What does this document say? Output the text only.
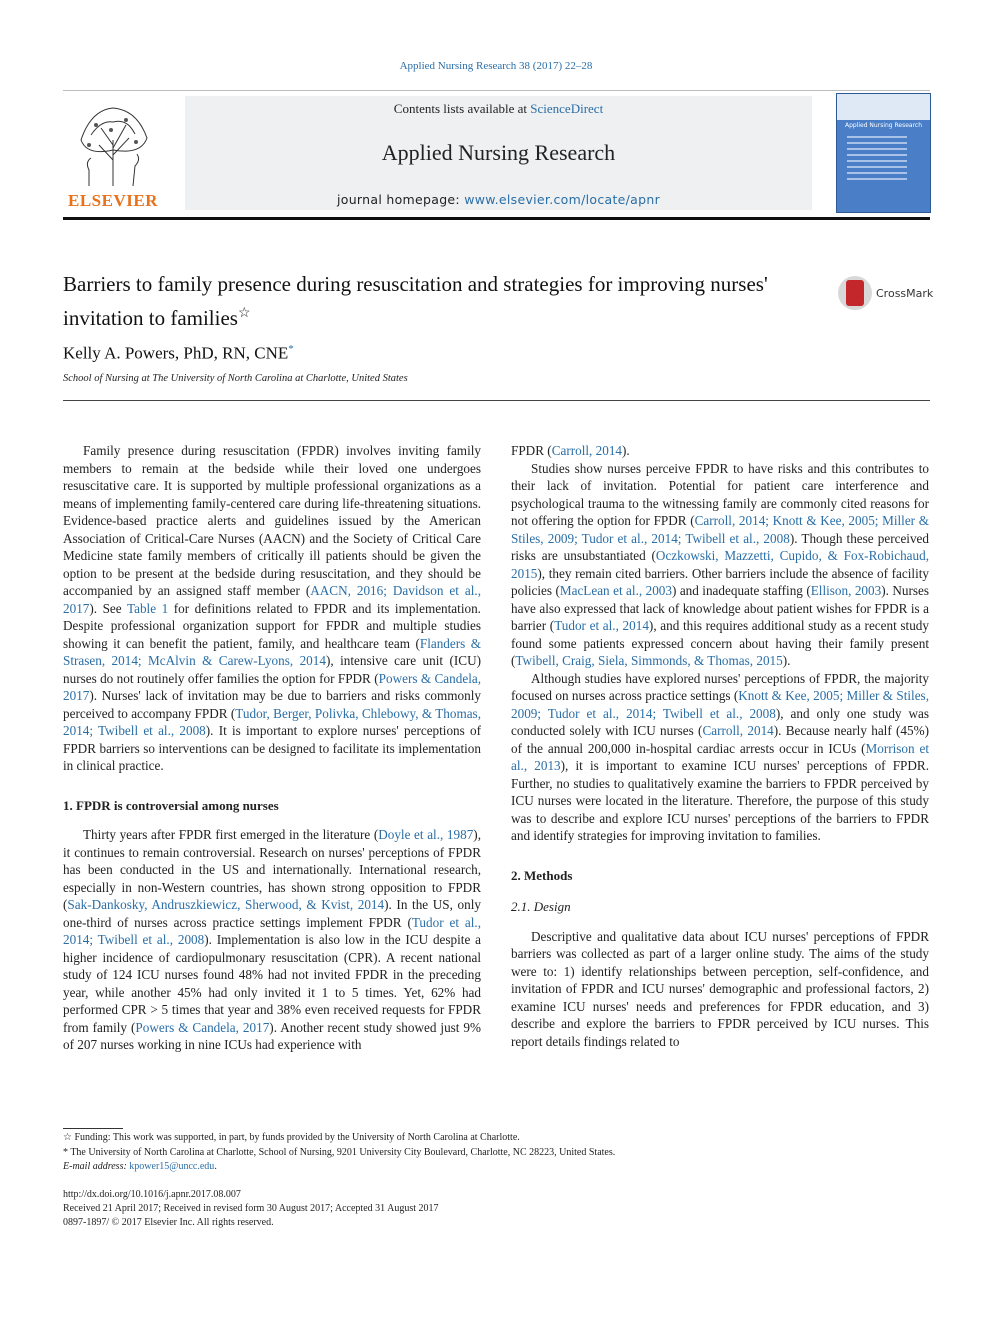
Applied Nursing Research 38 (2017) 22–28
ELSEVIER
Contents lists available at ScienceDirect
Applied Nursing Research
journal homepage: www.elsevier.com/locate/apnr
Applied Nursing Research
Barriers to family presence during resuscitation and strategies for improving nurses' invitation to families☆
CrossMark
Kelly A. Powers, PhD, RN, CNE*
School of Nursing at The University of North Carolina at Charlotte, United States

Family presence during resuscitation (FPDR) involves inviting family members to remain at the bedside while their loved one undergoes resuscitative care. It is supported by multiple professional organizations as a means of implementing family-centered care during life-threatening situations. Evidence-based practice alerts and guidelines issued by the American Association of Critical-Care Nurses (AACN) and the Society of Critical Care Medicine state family members of critically ill patients should be given the option to be present at the bedside during resuscitation, and they should be accompanied by an assigned staff member (AACN, 2016; Davidson et al., 2017). See Table 1 for definitions related to FPDR and its implementation. Despite professional organization support for FPDR and multiple studies showing it can benefit the patient, family, and healthcare team (Flanders & Strasen, 2014; McAlvin & Carew-Lyons, 2014), intensive care unit (ICU) nurses do not routinely offer families the option for FPDR (Powers & Candela, 2017). Nurses' lack of invitation may be due to barriers and risks commonly perceived to accompany FPDR (Tudor, Berger, Polivka, Chlebowy, & Thomas, 2014; Twibell et al., 2008). It is important to explore nurses' perceptions of FPDR barriers so interventions can be designed to facilitate its implementation in clinical practice.

1. FPDR is controversial among nurses

Thirty years after FPDR first emerged in the literature (Doyle et al., 1987), it continues to remain controversial. Research on nurses' perceptions of FPDR has been conducted in the US and internationally. International research, especially in non-Western countries, has shown strong opposition to FPDR (Sak-Dankosky, Andruszkiewicz, Sherwood, & Kvist, 2014). In the US, only one-third of nurses across practice settings implement FPDR (Tudor et al., 2014; Twibell et al., 2008). Implementation is also low in the ICU despite a higher incidence of cardiopulmonary resuscitation (CPR). A recent national study of 124 ICU nurses found 48% had not invited FPDR in the preceding year, while another 45% had only invited it 1 to 5 times. Yet, 62% had performed CPR > 5 times that year and 38% even received requests for FPDR from family (Powers & Candela, 2017). Another recent study showed just 9% of 207 nurses working in nine ICUs had experience with

FPDR (Carroll, 2014).

Studies show nurses perceive FPDR to have risks and this contributes to their lack of invitation. Potential for patient care interference and psychological trauma to the witnessing family are commonly cited reasons for not offering the option for FPDR (Carroll, 2014; Knott & Kee, 2005; Miller & Stiles, 2009; Tudor et al., 2014; Twibell et al., 2008). Though these perceived risks are unsubstantiated (Oczkowski, Mazzetti, Cupido, & Fox-Robichaud, 2015), they remain cited barriers. Other barriers include the absence of facility policies (MacLean et al., 2003) and inadequate staffing (Ellison, 2003). Nurses have also expressed that lack of knowledge about patient wishes for FPDR is a barrier (Tudor et al., 2014), and this requires additional study as a recent study found some patients expressed concern about having their family present (Twibell, Craig, Siela, Simmonds, & Thomas, 2015).

Although studies have explored nurses' perceptions of FPDR, the majority focused on nurses across practice settings (Knott & Kee, 2005; Miller & Stiles, 2009; Tudor et al., 2014; Twibell et al., 2008), and only one study was conducted solely with ICU nurses (Carroll, 2014). Because nearly half (45%) of the annual 200,000 in-hospital cardiac arrests occur in ICUs (Morrison et al., 2013), it is important to examine ICU nurses' perceptions of FPDR. Further, no studies to qualitatively examine the barriers to FPDR perceived by ICU nurses were located in the literature. Therefore, the purpose of this study was to describe and explore ICU nurses' perceptions of the barriers to FPDR and identify strategies for improving invitation to families.

2. Methods

2.1. Design

Descriptive and qualitative data about ICU nurses' perceptions of FPDR barriers was collected as part of a larger online study. The aims of the study were to: 1) identify relationships between perception, self-confidence, and invitation of FPDR and ICU nurses' demographic and professional factors, 2) examine ICU nurses' needs and preferences for FPDR education, and 3) describe and explore the barriers to FPDR perceived by ICU nurses. This report details findings related to

☆ Funding: This work was supported, in part, by funds provided by the University of North Carolina at Charlotte.
* The University of North Carolina at Charlotte, School of Nursing, 9201 University City Boulevard, Charlotte, NC 28223, United States.
E-mail address: kpower15@uncc.edu.
http://dx.doi.org/10.1016/j.apnr.2017.08.007
Received 21 April 2017; Received in revised form 30 August 2017; Accepted 31 August 2017
0897-1897/ © 2017 Elsevier Inc. All rights reserved.
